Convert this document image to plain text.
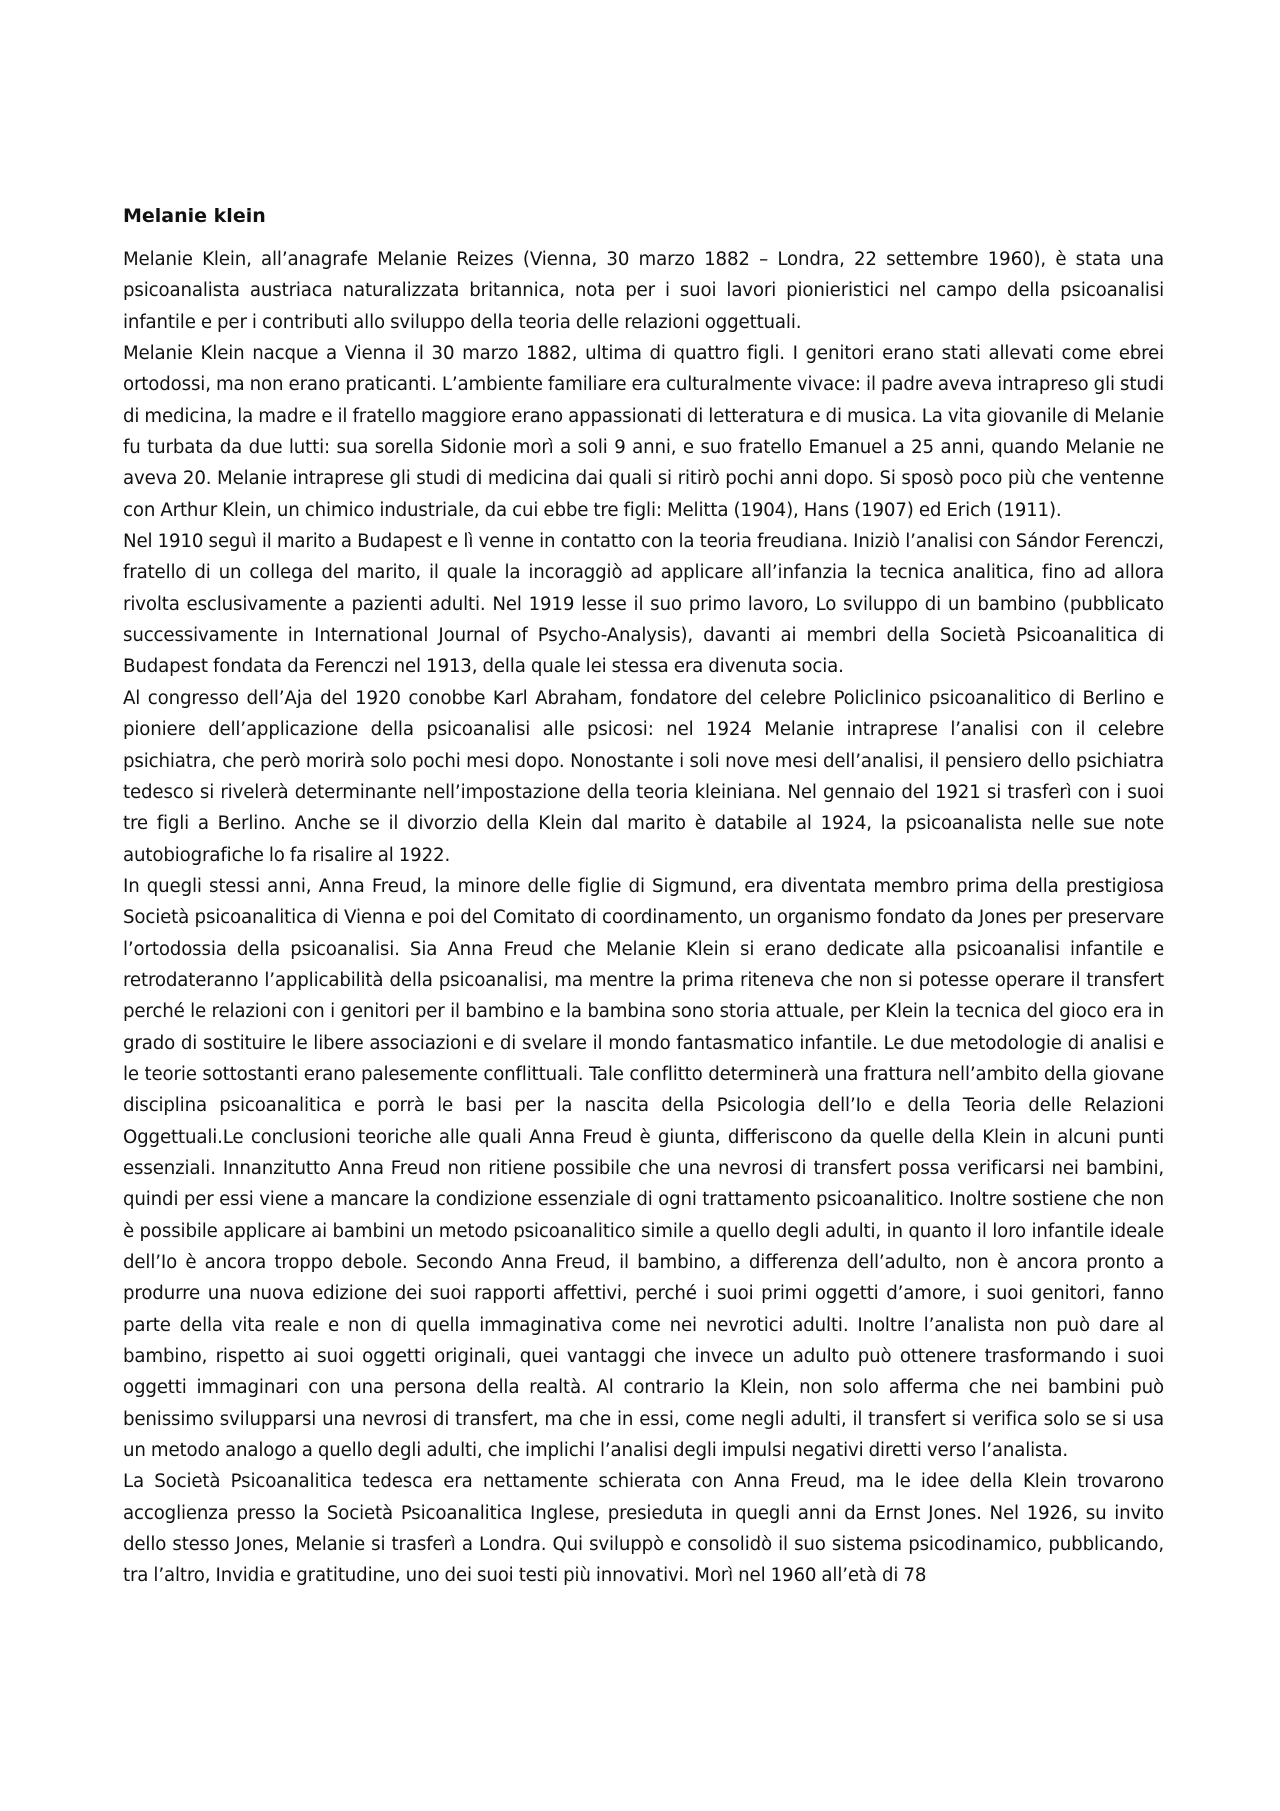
Melanie klein

Melanie Klein, all’anagrafe Melanie Reizes (Vienna, 30 marzo 1882 – Londra, 22 settembre 1960), è stata una psicoanalista austriaca naturalizzata britannica, nota per i suoi lavori pionieristici nel campo della psicoanalisi infantile e per i contributi allo sviluppo della teoria delle relazioni oggettuali.

Melanie Klein nacque a Vienna il 30 marzo 1882, ultima di quattro figli. I genitori erano stati allevati come ebrei ortodossi, ma non erano praticanti. L’ambiente familiare era culturalmente vivace: il padre aveva intrapreso gli studi di medicina, la madre e il fratello maggiore erano appassionati di letteratura e di musica. La vita giovanile di Melanie fu turbata da due lutti: sua sorella Sidonie morì a soli 9 anni, e suo fratello Emanuel a 25 anni, quando Melanie ne aveva 20. Melanie intraprese gli studi di medicina dai quali si ritirò pochi anni dopo. Si sposò poco più che ventenne con Arthur Klein, un chimico industriale, da cui ebbe tre figli: Melitta (1904), Hans (1907) ed Erich (1911).

Nel 1910 seguì il marito a Budapest e lì venne in contatto con la teoria freudiana. Iniziò l’analisi con Sándor Ferenczi, fratello di un collega del marito, il quale la incoraggiò ad applicare all’infanzia la tecnica analitica, fino ad allora rivolta esclusivamente a pazienti adulti. Nel 1919 lesse il suo primo lavoro, Lo sviluppo di un bambino (pubblicato successivamente in International Journal of Psycho-Analysis), davanti ai membri della Società Psicoanalitica di Budapest fondata da Ferenczi nel 1913, della quale lei stessa era divenuta socia.

Al congresso dell’Aja del 1920 conobbe Karl Abraham, fondatore del celebre Policlinico psicoanalitico di Berlino e pioniere dell’applicazione della psicoanalisi alle psicosi: nel 1924 Melanie intraprese l’analisi con il celebre psichiatra, che però morirà solo pochi mesi dopo. Nonostante i soli nove mesi dell’analisi, il pensiero dello psichiatra tedesco si rivelerà determinante nell’impostazione della teoria kleiniana. Nel gennaio del 1921 si trasferì con i suoi tre figli a Berlino. Anche se il divorzio della Klein dal marito è databile al 1924, la psicoanalista nelle sue note autobiografiche lo fa risalire al 1922.

In quegli stessi anni, Anna Freud, la minore delle figlie di Sigmund, era diventata membro prima della prestigiosa Società psicoanalitica di Vienna e poi del Comitato di coordinamento, un organismo fondato da Jones per preservare l’ortodossia della psicoanalisi. Sia Anna Freud che Melanie Klein si erano dedicate alla psicoanalisi infantile e retrodateranno l’applicabilità della psicoanalisi, ma mentre la prima riteneva che non si potesse operare il transfert perché le relazioni con i genitori per il bambino e la bambina sono storia attuale, per Klein la tecnica del gioco era in grado di sostituire le libere associazioni e di svelare il mondo fantasmatico infantile. Le due metodologie di analisi e le teorie sottostanti erano palesemente conflittuali. Tale conflitto determinerà una frattura nell’ambito della giovane disciplina psicoanalitica e porrà le basi per la nascita della Psicologia dell’Io e della Teoria delle Relazioni Oggettuali.Le conclusioni teoriche alle quali Anna Freud è giunta, differiscono da quelle della Klein in alcuni punti essenziali. Innanzitutto Anna Freud non ritiene possibile che una nevrosi di transfert possa verificarsi nei bambini, quindi per essi viene a mancare la condizione essenziale di ogni trattamento psicoanalitico. Inoltre sostiene che non è possibile applicare ai bambini un metodo psicoanalitico simile a quello degli adulti, in quanto il loro infantile ideale dell’Io è ancora troppo debole. Secondo Anna Freud, il bambino, a differenza dell’adulto, non è ancora pronto a produrre una nuova edizione dei suoi rapporti affettivi, perché i suoi primi oggetti d’amore, i suoi genitori, fanno parte della vita reale e non di quella immaginativa come nei nevrotici adulti. Inoltre l’analista non può dare al bambino, rispetto ai suoi oggetti originali, quei vantaggi che invece un adulto può ottenere trasformando i suoi oggetti immaginari con una persona della realtà. Al contrario la Klein, non solo afferma che nei bambini può benissimo svilupparsi una nevrosi di transfert, ma che in essi, come negli adulti, il transfert si verifica solo se si usa un metodo analogo a quello degli adulti, che implichi l’analisi degli impulsi negativi diretti verso l’analista.

La Società Psicoanalitica tedesca era nettamente schierata con Anna Freud, ma le idee della Klein trovarono accoglienza presso la Società Psicoanalitica Inglese, presieduta in quegli anni da Ernst Jones. Nel 1926, su invito dello stesso Jones, Melanie si trasferì a Londra. Qui sviluppò e consolidò il suo sistema psicodinamico, pubblicando, tra l’altro, Invidia e gratitudine, uno dei suoi testi più innovativi. Morì nel 1960 all’età di 78
